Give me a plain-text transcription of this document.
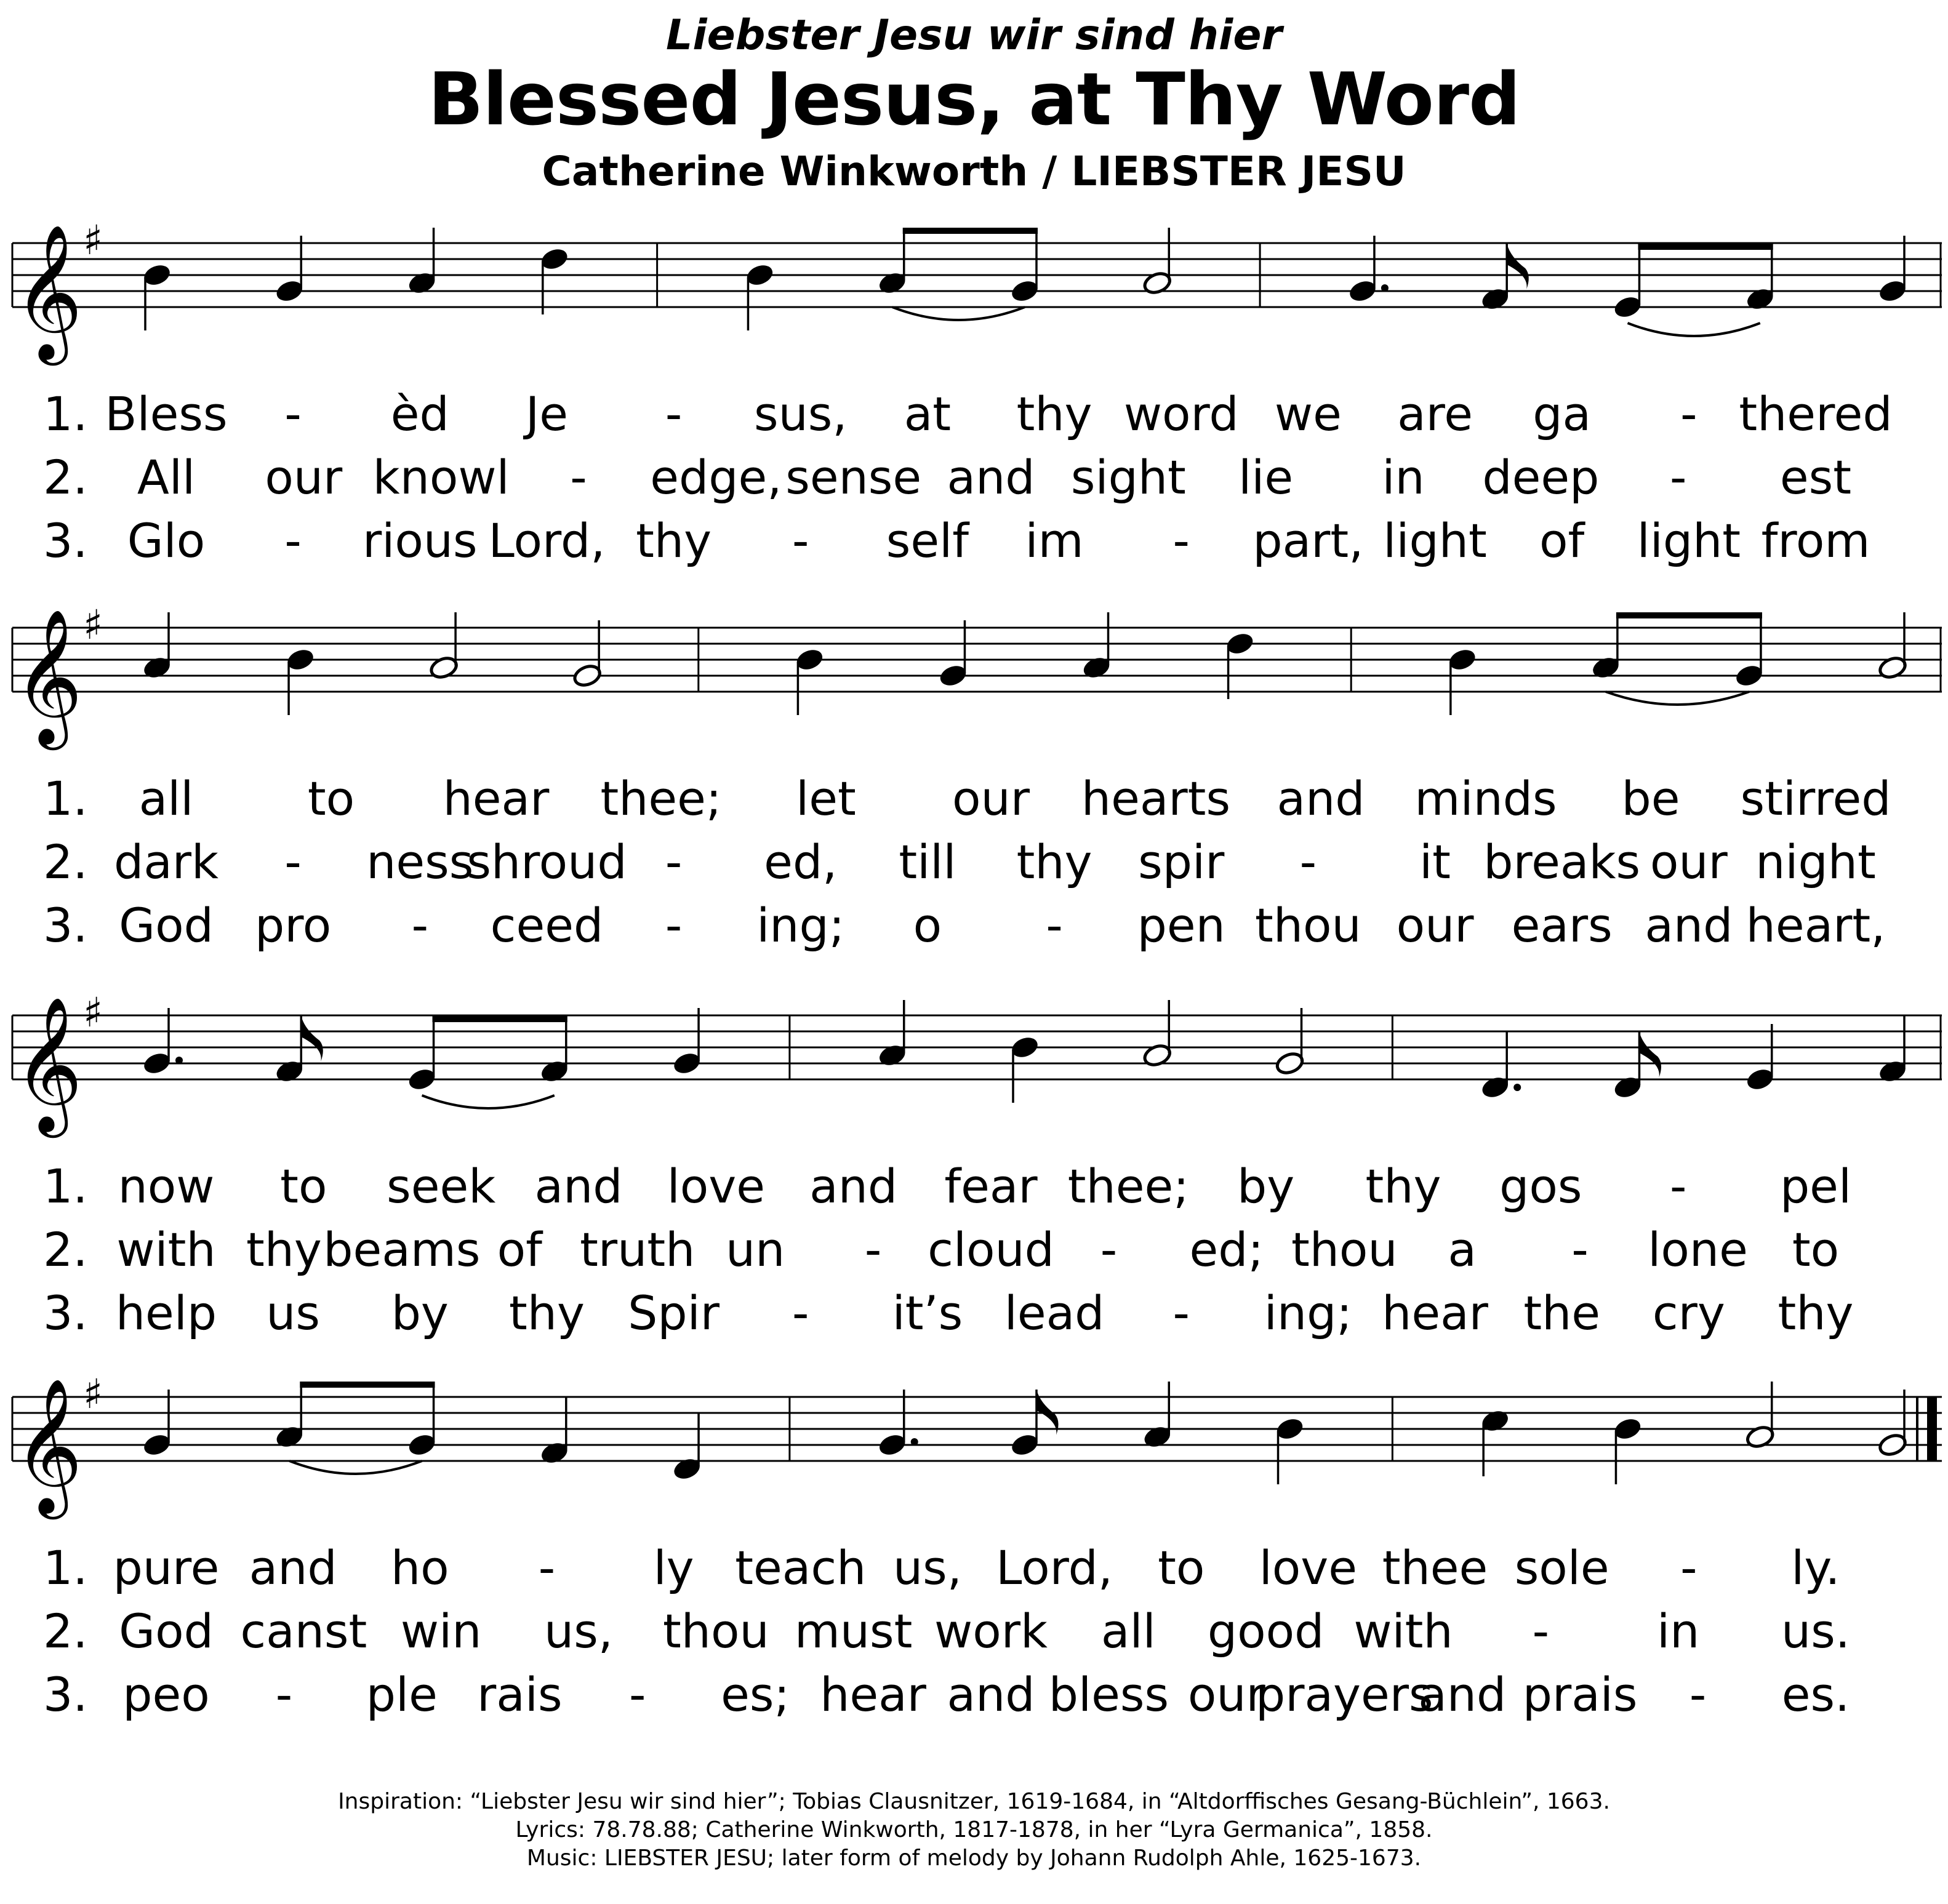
Liebster Jesu wir sind hier
Blessed Jesus, at Thy Word
Catherine Winkworth / LIEBSTER JESU
𝄞 ♯
1. Bless - èd Je - sus, at thy word we are ga - thered
2. All our knowl - edge, sense and sight lie in deep - est
3. Glo - rious Lord, thy - self im - part, light of light from
𝄞 ♯
1. all to hear thee; let our hearts and minds be stirred
2. dark - ness
shroud - ed, till thy spir - it breaks our night
3. God pro - ceed - ing; o - pen thou our ears and heart,
𝄞 ♯
1. now to seek and love and fear thee; by thy gos - pel
2. with thy beams of truth un - cloud - ed; thou a - lone to
3. help us by thy Spir - it’s lead - ing; hear the cry thy
𝄞 ♯
1. pure and ho - ly teach us, Lord, to love thee sole - ly.
2. God canst win us, thou must work all good with - in us.
3. peo - ple rais - es; hear and bless our
prayers
and prais - es.
Inspiration: “Liebster Jesu wir sind hier”; Tobias Clausnitzer, 1619-1684, in “Altdorffisches Gesang-Büchlein”, 1663.
Lyrics: 78.78.88; Catherine Winkworth, 1817-1878, in her “Lyra Germanica”, 1858.
Music: LIEBSTER JESU; later form of melody by Johann Rudolph Ahle, 1625-1673.
